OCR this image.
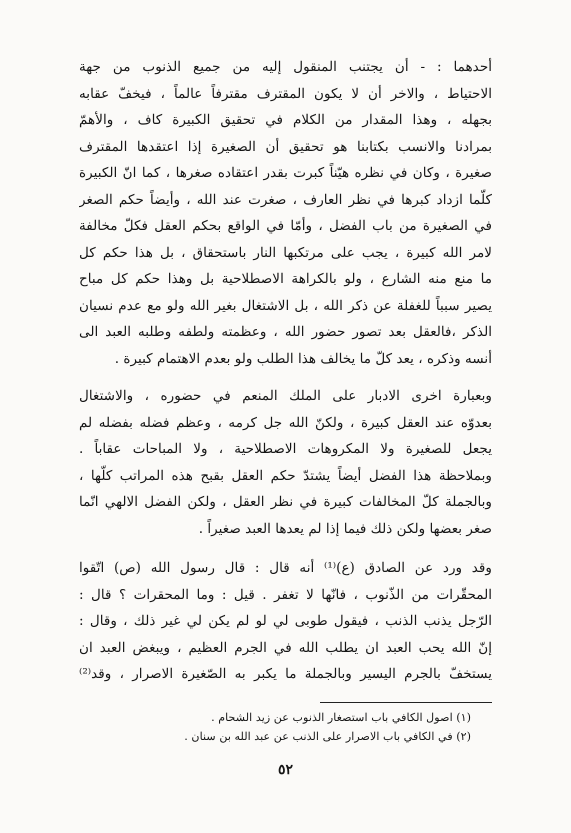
أحدهما : - أن يجتنب المنقول إليه من جميع الذنوب من جهة
الاحتياط ، والاخر أن لا يكون المقترف مقترفاً عالماً ، فيخفّ عقابه
بجهله ، وهذا المقدار من الكلام في تحقيق الكبيرة كاف ، والأهمّ
بمرادنا والانسب بكتابنا هو تحقيق أن الصغيرة إذا اعتقدها المقترف
صغيرة ، وكان في نظره هيّناً كبرت بقدر اعتقاده صغرها ، كما انّ الكبيرة
كلّما ازداد كبرها في نظر العارف ، صغرت عند الله ، وأيضاً حكم الصغر
في الصغيرة من باب الفضل ، وأمّا في الواقع بحكم العقل فكلّ مخالفة
لامر الله كبيرة ، يجب على مرتكبها النار باستحقاق ، بل هذا حكم كل
ما منع منه الشارع ، ولو بالكراهة الاصطلاحية بل وهذا حكم كل مباح
يصير سبباً للغفلة عن ذكر الله ، بل الاشتغال بغير الله ولو مع عدم نسيان
الذكر ،فالعقل بعد تصور حضور الله ، وعظمته ولطفه وطلبه العبد الى
أنسه وذكره ، يعد كلّ ما يخالف هذا الطلب ولو بعدم الاهتمام كبيرة .
وبعبارة اخرى الادبار على الملك المنعم في حضوره ، والاشتغال
بعدوّه عند العقل كبيرة ، ولكنّ الله جل كرمه ، وعظم فضله بفضله لم
يجعل للصغيرة ولا المكروهات الاصطلاحية ، ولا المباحات عقاباً .
وبملاحظة هذا الفضل أيضاً يشتدّ حكم العقل بقبح هذه المراتب كلّها ،
وبالجملة كلّ المخالفات كبيرة في نظر العقل ، ولكن الفضل الالهي انّما
صغر بعضها ولكن ذلك فيما إذا لم يعدها العبد صغيراً .
وقد ورد عن الصادق (ع)⁽¹⁾ أنه قال : قال رسول الله (ص) اتّقوا
المحقّرات من الذّنوب ، فانّها لا تغفر . قيل : وما المحقرات ؟ قال :
الرّجل يذنب الذنب ، فيقول طوبى لي لو لم يكن لي غير ذلك ، وقال :
إنّ الله يحب العبد ان يطلب الله في الجرم العظيم ، ويبغض العبد ان
يستخفّ بالجرم اليسير وبالجملة ما يكبر به الصّغيرة الاصرار ، وقد⁽²⁾
(١) اصول الكافي باب استصغار الذنوب عن زيد الشحام .
(٢) في الكافي باب الاصرار على الذنب عن عبد الله بن سنان .
٥٢
